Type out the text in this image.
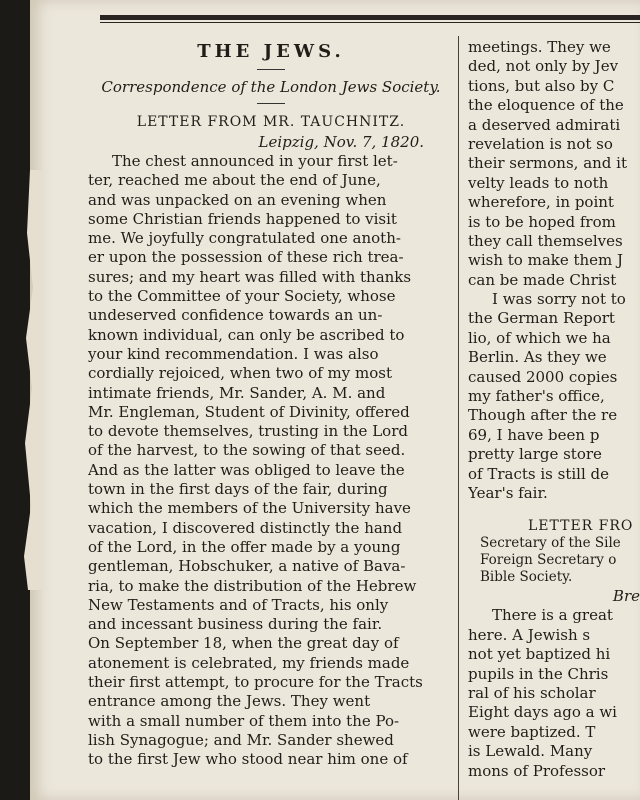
THE JEWS.
Correspondence of the London Jews Society.
LETTER FROM MR. TAUCHNITZ.
Leipzig, Nov. 7, 1820.
The chest announced in your first let-
ter, reached me about the end of June,
and was unpacked on an evening when
some Christian friends happened to visit
me. We joyfully congratulated one anoth-
er upon the possession of these rich trea-
sures; and my heart was filled with thanks
to the Committee of your Society, whose
undeserved confidence towards an un-
known individual, can only be ascribed to
your kind recommendation. I was also
cordially rejoiced, when two of my most
intimate friends, Mr. Sander, A. M. and
Mr. Engleman, Student of Divinity, offered
to devote themselves, trusting in the Lord
of the harvest, to the sowing of that seed.
And as the latter was obliged to leave the
town in the first days of the fair, during
which the members of the University have
vacation, I discovered distinctly the hand
of the Lord, in the offer made by a young
gentleman, Hobschuker, a native of Bava-
ria, to make the distribution of the Hebrew
New Testaments and of Tracts, his only
and incessant business during the fair.
On September 18, when the great day of
atonement is celebrated, my friends made
their first attempt, to procure for the Tracts
entrance among the Jews. They went
with a small number of them into the Po-
lish Synagogue; and Mr. Sander shewed
to the first Jew who stood near him one of
meetings. They we
ded, not only by Jev
tions, but also by C
the eloquence of the
a deserved admirati
revelation is not so
their sermons, and it
velty leads to noth
wherefore, in point
is to be hoped from
they call themselves
wish to make them J
can be made Christ
I was sorry not to
the German Report
lio, of which we ha
Berlin. As they we
caused 2000 copies
my father's office,
Though after the re
69, I have been p
pretty large store
of Tracts is still de
Year's fair.
LETTER FRO
Secretary of the Sile
Foreign Secretary o
Bible Society.
Bre
There is a great
here. A Jewish s
not yet baptized hi
pupils in the Chris
ral of his scholar
Eight days ago a wi
were baptized. T
is Lewald. Many
mons of Professor
